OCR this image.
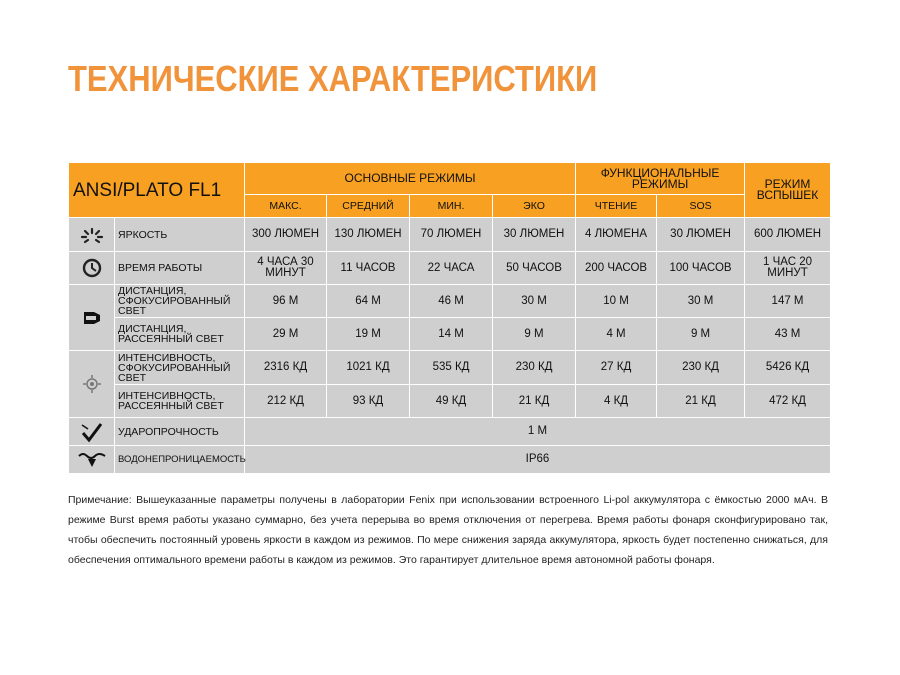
ТЕХНИЧЕСКИЕ ХАРАКТЕРИСТИКИ
ANSI/PLATO FL1		ОСНОВНЫЕ РЕЖИМЫ				ФУНКЦИОНАЛЬНЫЕ РЕЖИМЫ		РЕЖИМ ВСПЫШЕК
		МАКС.	СРЕДНИЙ	МИН.	ЭКО	ЧТЕНИЕ	SOS	

	ЯРКОСТЬ	300 ЛЮМЕН	130 ЛЮМЕН	70 ЛЮМЕН	30 ЛЮМЕН	4 ЛЮМЕНА	30 ЛЮМЕН	600 ЛЮМЕН

	ВРЕМЯ РАБОТЫ	4 ЧАСА 30 МИНУТ	11 ЧАСОВ	22 ЧАСА	50 ЧАСОВ	200 ЧАСОВ	100 ЧАСОВ	1 ЧАС 20 МИНУТ

	ДИСТАНЦИЯ, СФОКУСИРОВАННЫЙ СВЕТ	96 М	64 М	46 М	30 М	10 М	30 М	147 М
	ДИСТАНЦИЯ, РАССЕЯННЫЙ СВЕТ	29 М	19 М	14 М	9 М	4 М	9 М	43 М

	ИНТЕНСИВНОСТЬ, СФОКУСИРОВАННЫЙ СВЕТ	2316 КД	1021 КД	535 КД	230 КД	27 КД	230 КД	5426 КД
	ИНТЕНСИВНОСТЬ, РАССЕЯННЫЙ СВЕТ	212 КД	93 КД	49 КД	21 КД	4 КД	21 КД	472 КД

	УДАРОПРОЧНОСТЬ	1 М						

	ВОДОНЕПРОНИЦАЕМОСТЬ	IP66						
Примечание: Вышеуказанные параметры получены в лаборатории Fenix при использовании встроенного Li-pol аккумулятора с ёмкостью 2000 мАч. В режиме Burst время работы указано суммарно, без учета перерыва во время отключения от перегрева. Время работы фонаря сконфигурировано так, чтобы обеспечить постоянный уровень яркости в каждом из режимов. По мере снижения заряда аккумулятора, яркость будет постепенно снижаться, для обеспечения оптимального времени работы в каждом из режимов. Это гарантирует длительное время автономной работы фонаря.
